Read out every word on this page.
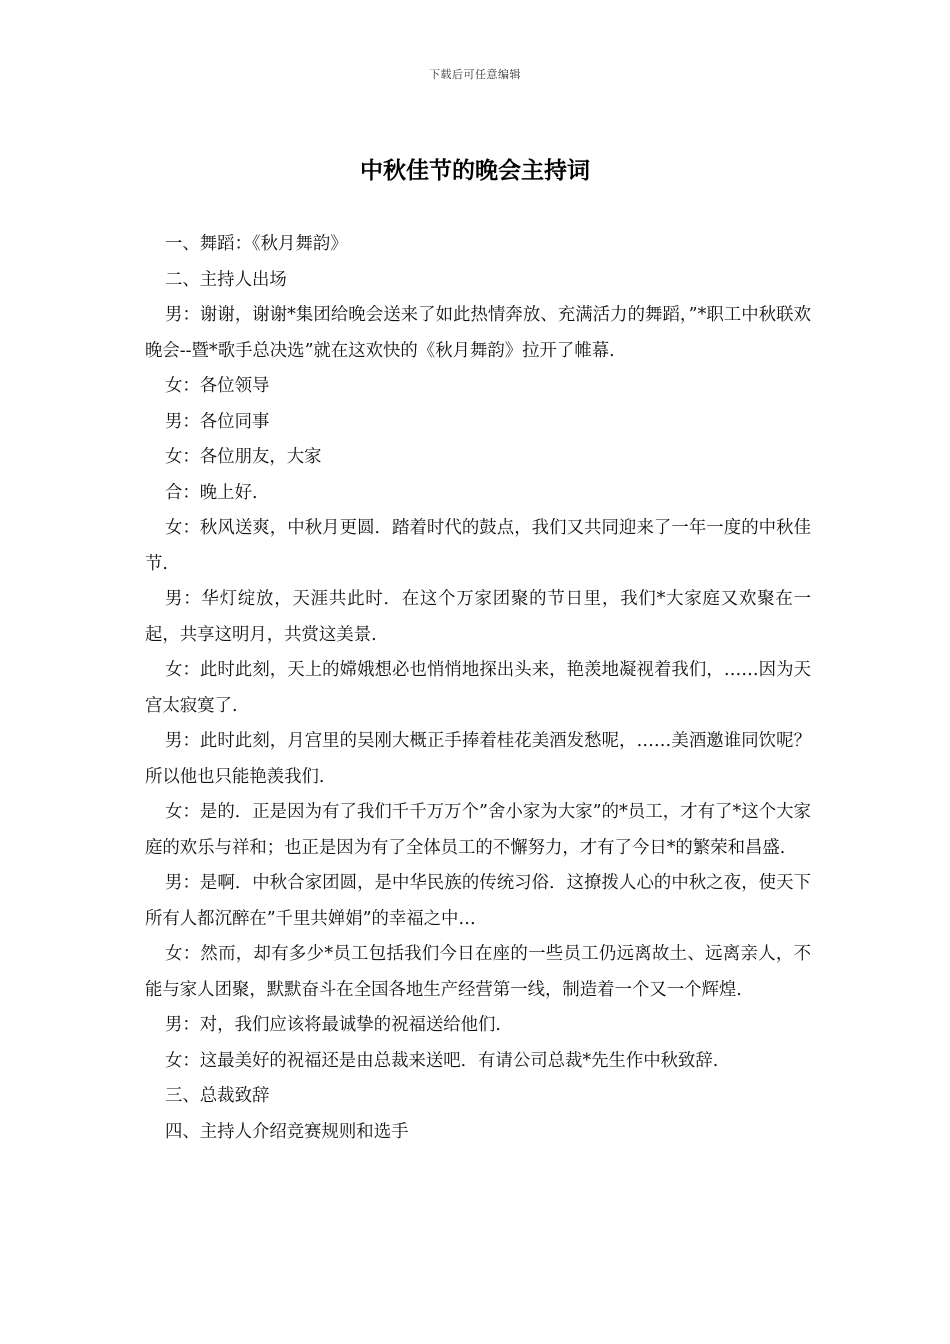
下载后可任意编辑
中秋佳节的晚会主持词

一、舞蹈：《秋月舞韵》

二、主持人出场

男：谢谢，谢谢*集团给晚会送来了如此热情奔放、充满活力的舞蹈，”*职工中秋联欢晚会--暨*歌手总决选”就在这欢快的《秋月舞韵》拉开了帷幕.

女：各位领导

男：各位同事

女：各位朋友，大家

合：晚上好.

女：秋风送爽，中秋月更圆．踏着时代的鼓点，我们又共同迎来了一年一度的中秋佳节.

男：华灯绽放，天涯共此时．在这个万家团聚的节日里，我们*大家庭又欢聚在一起，共享这明月，共赏这美景.

女：此时此刻，天上的嫦娥想必也悄悄地探出头来，艳羡地凝视着我们，……因为天宫太寂寞了.

男：此时此刻，月宫里的吴刚大概正手捧着桂花美酒发愁呢，……美酒邀谁同饮呢？所以他也只能艳羡我们.

女：是的．正是因为有了我们千千万万个”舍小家为大家”的*员工，才有了*这个大家庭的欢乐与祥和；也正是因为有了全体员工的不懈努力，才有了今日*的繁荣和昌盛.

男：是啊．中秋合家团圆，是中华民族的传统习俗．这撩拨人心的中秋之夜，使天下所有人都沉醉在”千里共婵娟”的幸福之中…

女：然而，却有多少*员工包括我们今日在座的一些员工仍远离故土、远离亲人，不能与家人团聚，默默奋斗在全国各地生产经营第一线，制造着一个又一个辉煌.

男：对，我们应该将最诚挚的祝福送给他们.

女：这最美好的祝福还是由总裁来送吧．有请公司总裁*先生作中秋致辞.

三、总裁致辞

四、主持人介绍竞赛规则和选手
